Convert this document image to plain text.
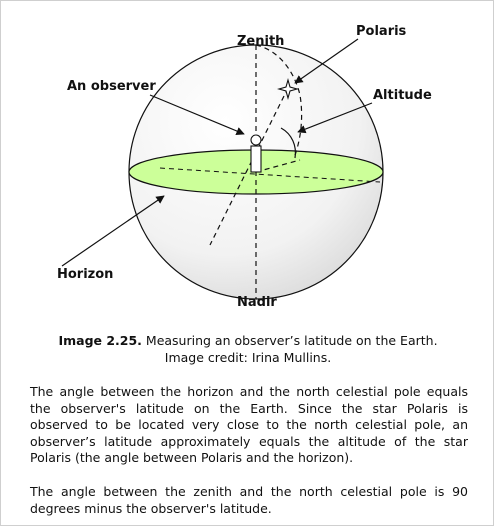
Zenith
Polaris
An observer
Altitude
Horizon
Nadir
Image 2.25. Measuring an observer’s latitude on the Earth.
Image credit: Irina Mullins.

The angle between the horizon and the north celestial pole equals the observer's latitude on the Earth. Since the star Polaris is observed to be located very close to the north celestial pole, an observer’s latitude approximately equals the altitude of the star Polaris (the angle between Polaris and the horizon).

The angle between the zenith and the north celestial pole is 90 degrees minus the observer's latitude.
